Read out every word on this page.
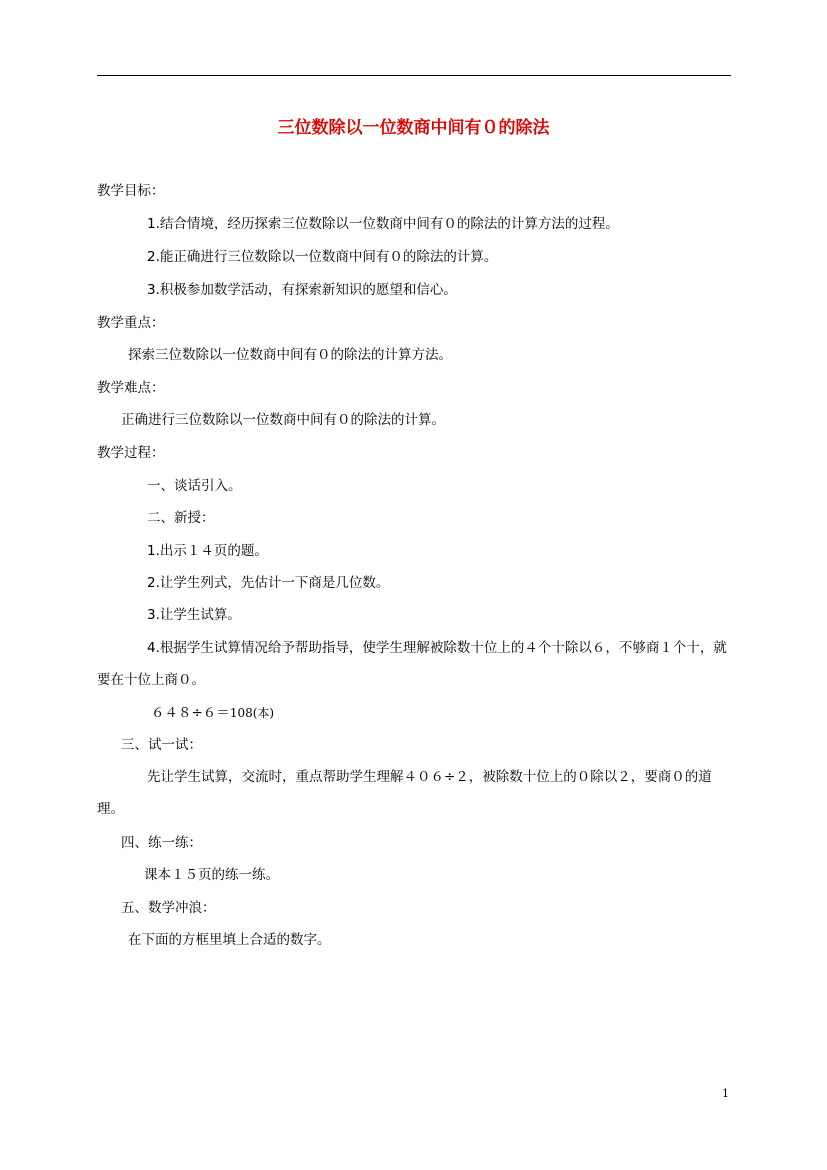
三位数除以一位数商中间有０的除法
教学目标：
1.结合情境，经历探索三位数除以一位数商中间有０的除法的计算方法的过程。
2.能正确进行三位数除以一位数商中间有０的除法的计算。
3.积极参加数学活动，有探索新知识的愿望和信心。
教学重点：
探索三位数除以一位数商中间有０的除法的计算方法。
教学难点：
正确进行三位数除以一位数商中间有０的除法的计算。
教学过程：
一、谈话引入。
二、新授：
1.出示１４页的题。
2.让学生列式，先估计一下商是几位数。
3.让学生试算。
4.根据学生试算情况给予帮助指导，使学生理解被除数十位上的４个十除以６，不够商１个十，就要在十位上商０。
６４８÷６＝108(本)
三、试一试：
先让学生试算，交流时，重点帮助学生理解４０６÷２，被除数十位上的０除以２，要商０的道理。
四、练一练：
课本１５页的练一练。
五、数学冲浪：
在下面的方框里填上合适的数字。
1
